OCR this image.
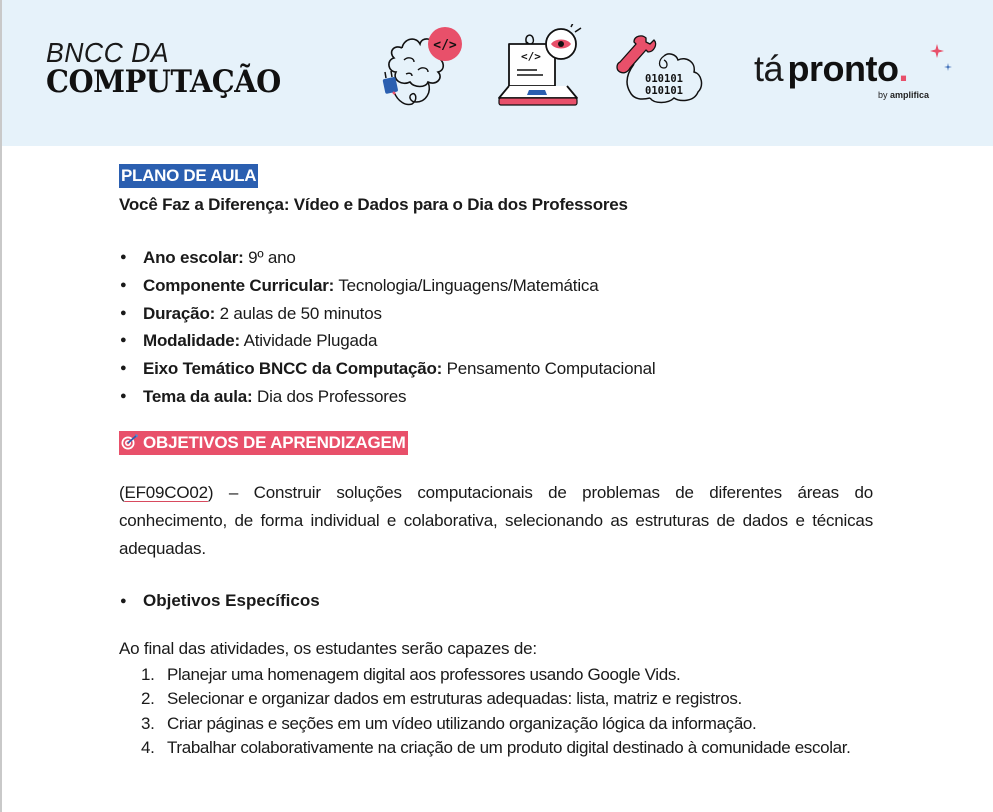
BNCC DA
COMPUTAÇÃO
</>
</>
010101
010101
tá pronto.
by amplifica
PLANO DE AULA
Você Faz a Diferença: Vídeo e Dados para o Dia dos Professores
● Ano escolar: 9º ano
● Componente Curricular: Tecnologia/Linguagens/Matemática
● Duração: 2 aulas de 50 minutos
● Modalidade: Atividade Plugada
● Eixo Temático BNCC da Computação: Pensamento Computacional
● Tema da aula: Dia dos Professores
OBJETIVOS DE APRENDIZAGEM

(EF09CO02) – Construir soluções computacionais de problemas de diferentes áreas do conhecimento, de forma individual e colaborativa, selecionando as estruturas de dados e técnicas adequadas.

● Objetivos Específicos

Ao final das atividades, os estudantes serão capazes de:

1. Planejar uma homenagem digital aos professores usando Google Vids.
2. Selecionar e organizar dados em estruturas adequadas: lista, matriz e registros.
3. Criar páginas e seções em um vídeo utilizando organização lógica da informação.
4. Trabalhar colaborativamente na criação de um produto digital destinado à comunidade escolar.
